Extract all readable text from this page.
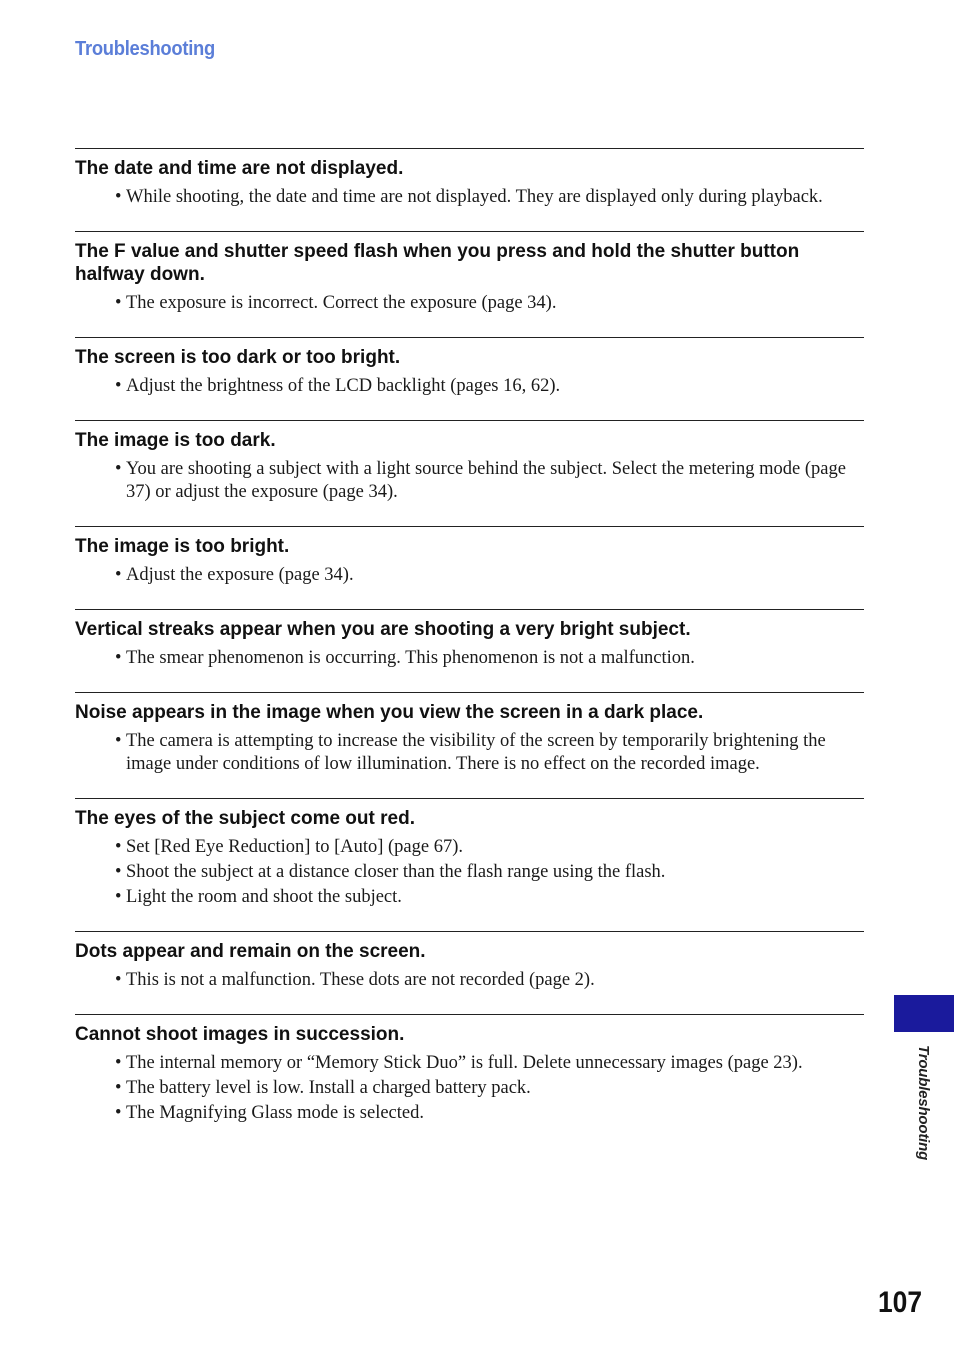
Troubleshooting
The date and time are not displayed.
• While shooting, the date and time are not displayed. They are displayed only during playback.
The F value and shutter speed flash when you press and hold the shutter button halfway down.
• The exposure is incorrect. Correct the exposure (page 34).
The screen is too dark or too bright.
• Adjust the brightness of the LCD backlight (pages 16, 62).
The image is too dark.
• You are shooting a subject with a light source behind the subject. Select the metering mode (page 37) or adjust the exposure (page 34).
The image is too bright.
• Adjust the exposure (page 34).
Vertical streaks appear when you are shooting a very bright subject.
• The smear phenomenon is occurring. This phenomenon is not a malfunction.
Noise appears in the image when you view the screen in a dark place.
• The camera is attempting to increase the visibility of the screen by temporarily brightening the image under conditions of low illumination. There is no effect on the recorded image.
The eyes of the subject come out red.
• Set [Red Eye Reduction] to [Auto] (page 67).
• Shoot the subject at a distance closer than the flash range using the flash.
• Light the room and shoot the subject.
Dots appear and remain on the screen.
• This is not a malfunction. These dots are not recorded (page 2).
Cannot shoot images in succession.
• The internal memory or “Memory Stick Duo” is full. Delete unnecessary images (page 23).
• The battery level is low. Install a charged battery pack.
• The Magnifying Glass mode is selected.	Troubleshooting
107
